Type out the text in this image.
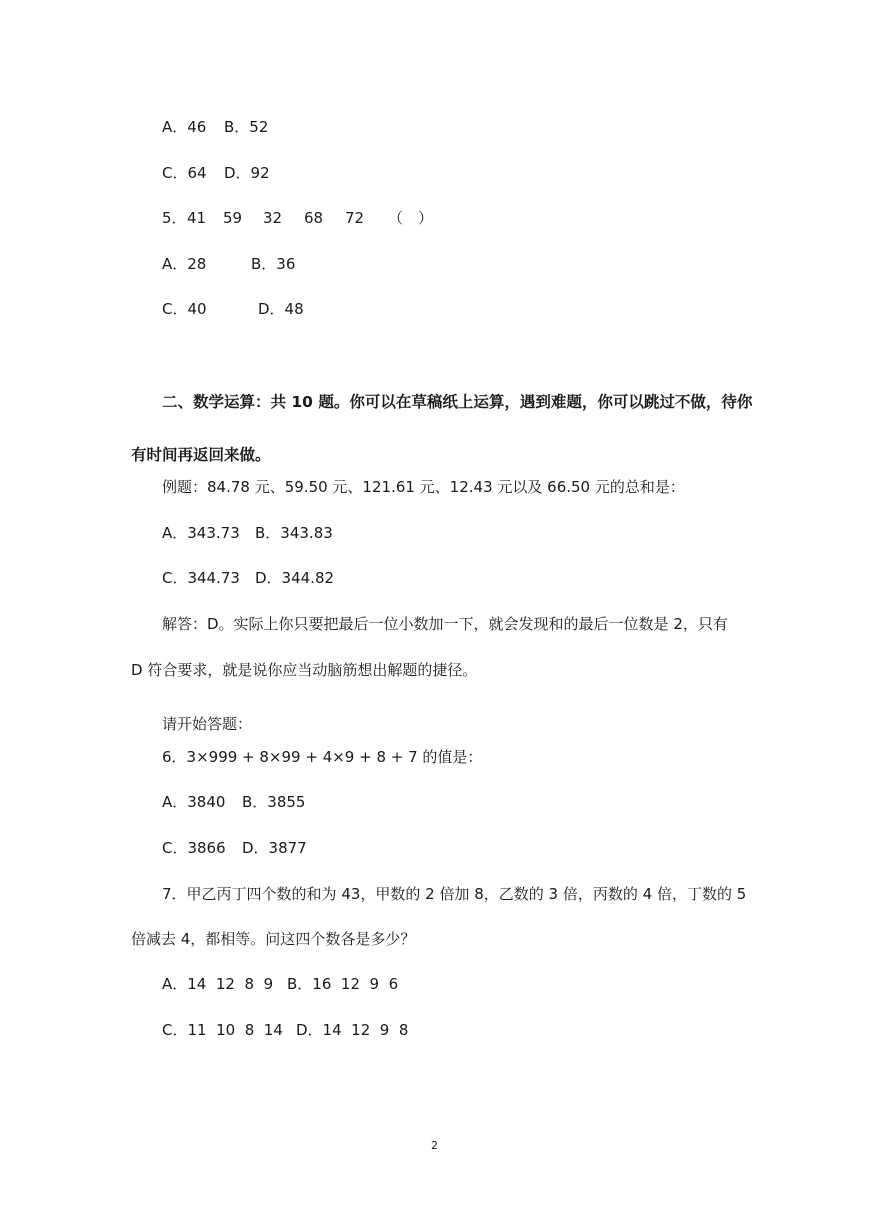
A．46

B．52

C．64

D．92

5．

41

59

32

68

72

（　）

A．28

	B．36

C．40

	D．48

二、数学运算：共 10 题。你可以在草稿纸上运算，遇到难题，你可以跳过不做，待你
有时间再返回来做。
例题：84.78 元、59.50 元、121.61 元、12.43 元以及 66.50 元的总和是：

A．343.73

B．343.83

C．344.73

D．344.82

解答：D。实际上你只要把最后一位小数加一下，就会发现和的最后一位数是 2，只有
D 符合要求，就是说你应当动脑筋想出解题的捷径。
请开始答题：
6．3×999 + 8×99 + 4×9 + 8 + 7 的值是：

A．3840

B．3855

C．3866

D．3877

7．甲乙丙丁四个数的和为 43，甲数的 2 倍加 8，乙数的 3 倍，丙数的 4 倍，丁数的 5
倍减去 4，都相等。问这四个数各是多少？

A．14  12  8  9

B．16  12  9  6

C．11  10  8  14

D．14  12  9  8

2
